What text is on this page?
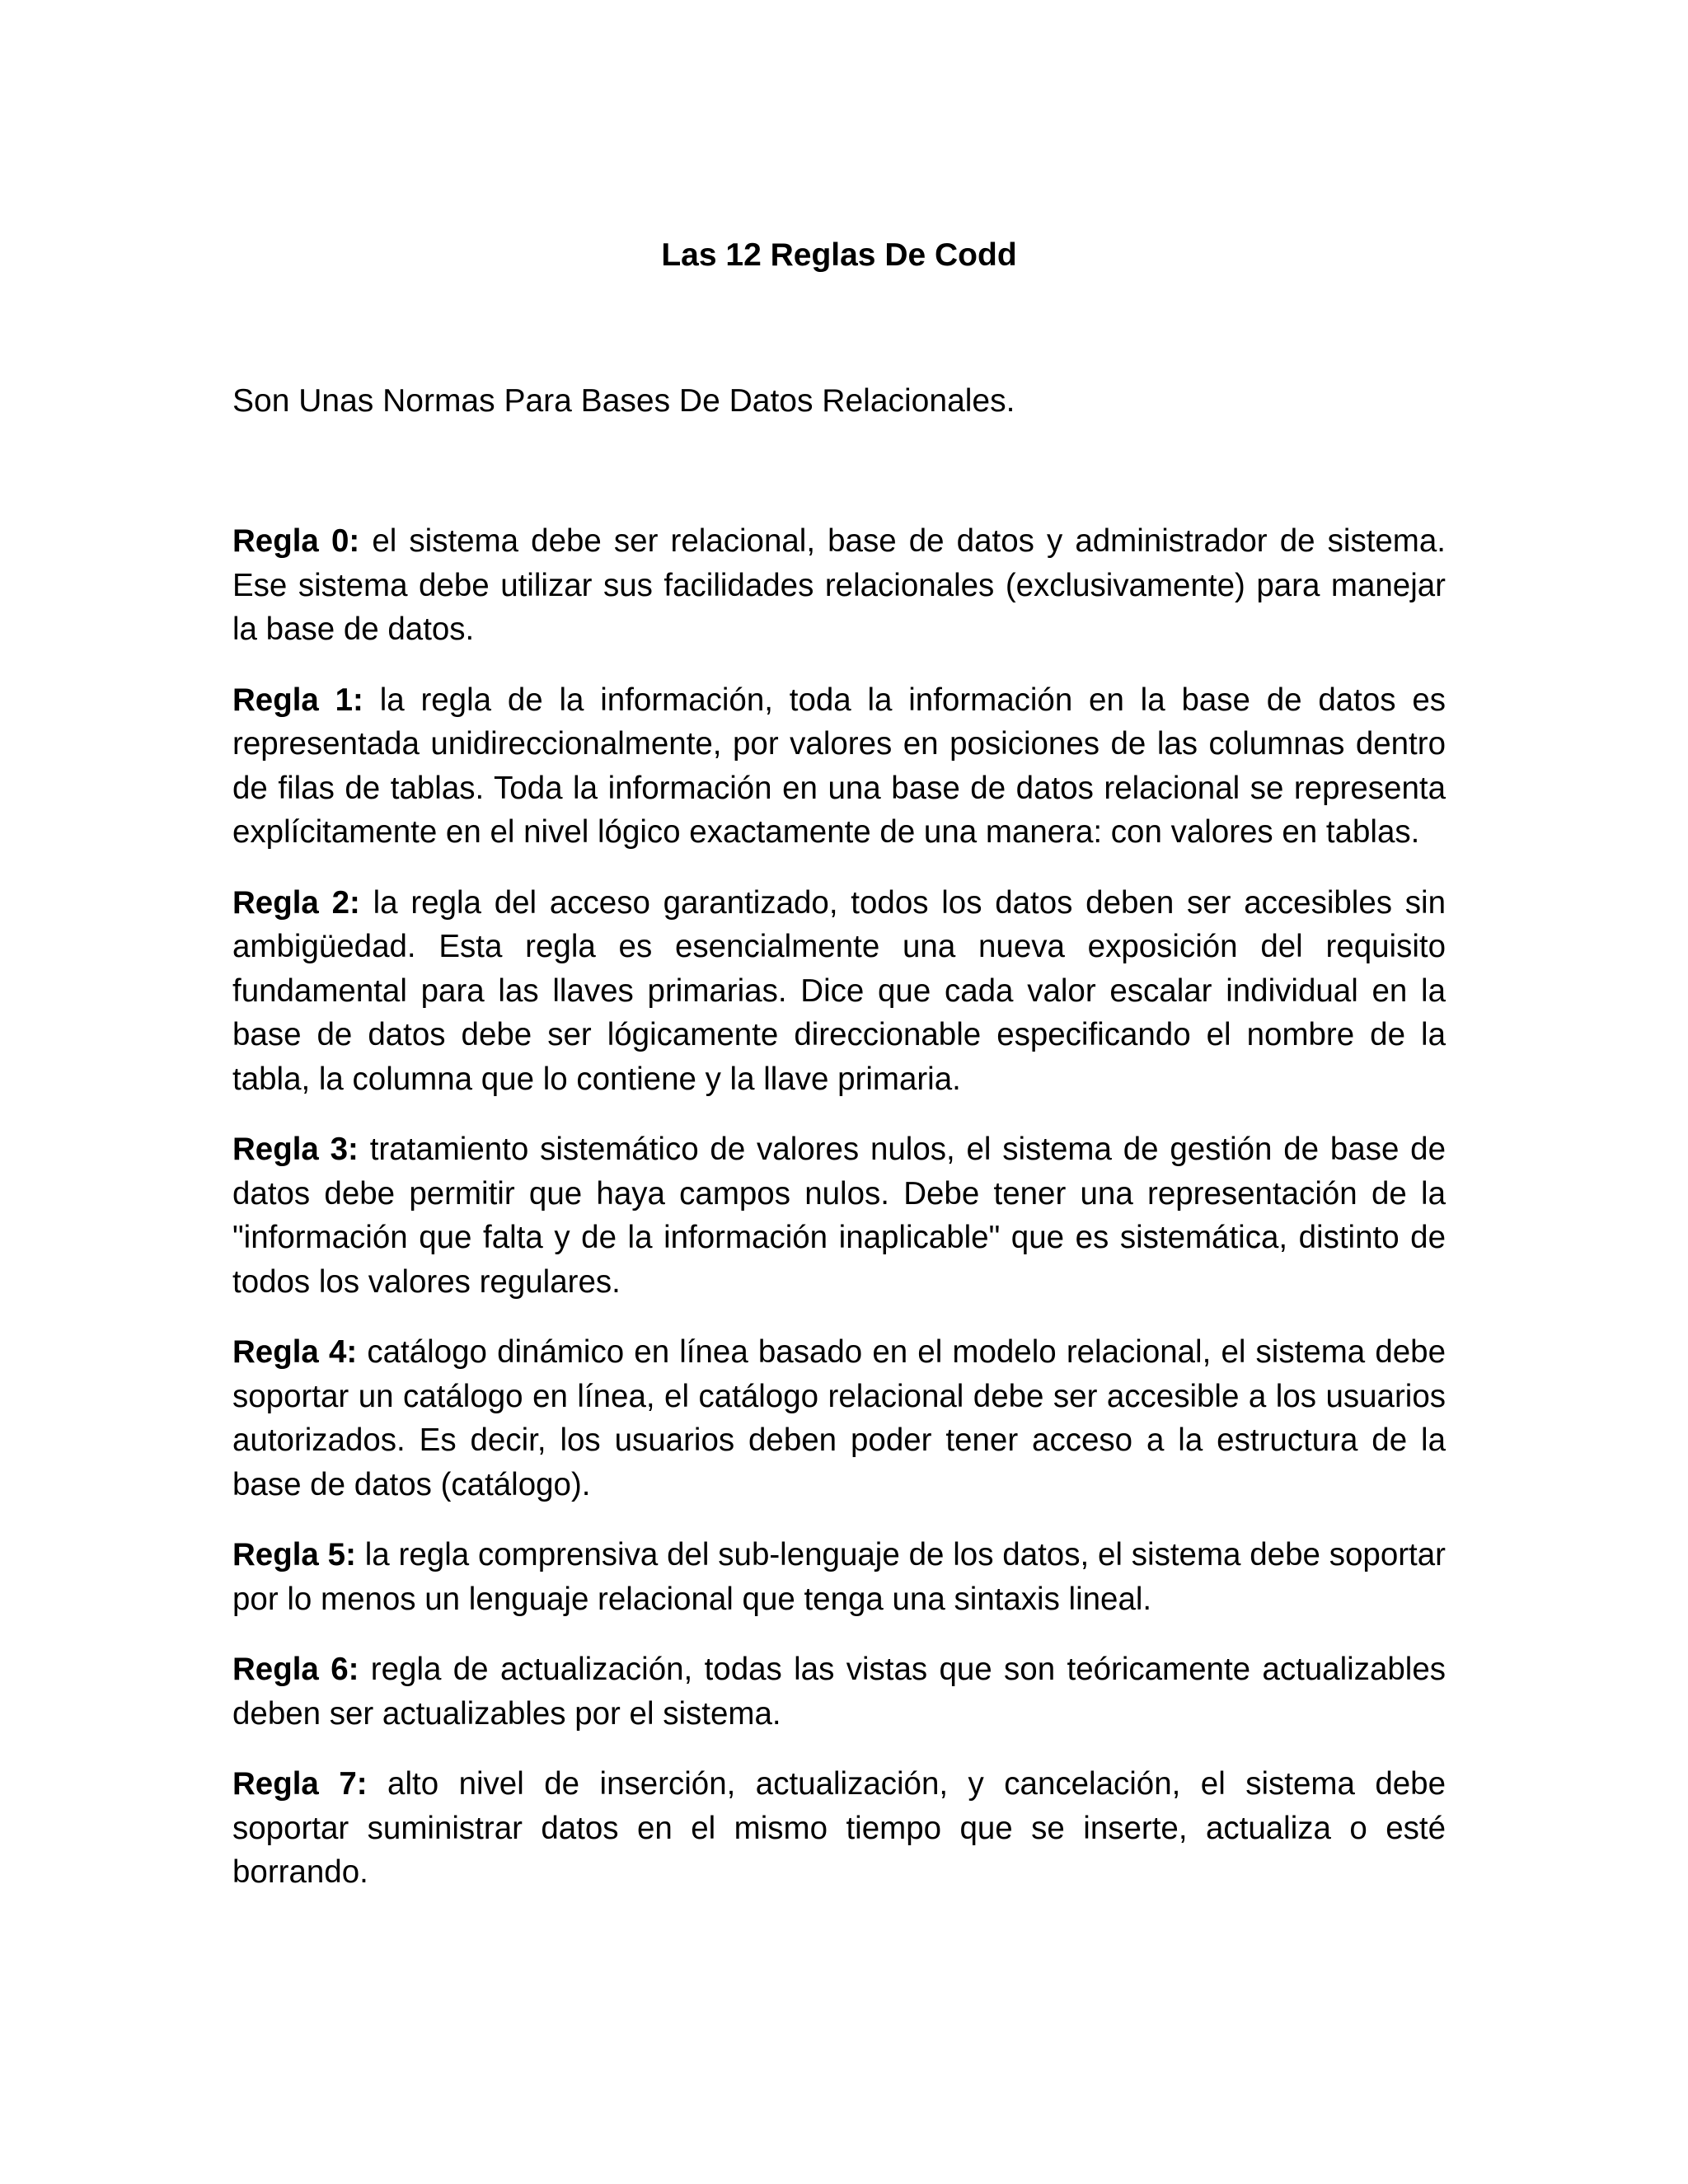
Las 12 Reglas De Codd

Son Unas Normas Para Bases De Datos Relacionales.

Regla 0: el sistema debe ser relacional, base de datos y administrador de sistema. Ese sistema debe utilizar sus facilidades relacionales (exclusivamente) para manejar la base de datos.

Regla 1: la regla de la información, toda la información en la base de datos es representada unidireccionalmente, por valores en posiciones de las columnas dentro de filas de tablas. Toda la información en una base de datos relacional se representa explícitamente en el nivel lógico exactamente de una manera: con valores en tablas.

Regla 2: la regla del acceso garantizado, todos los datos deben ser accesibles sin ambigüedad. Esta regla es esencialmente una nueva exposición del requisito fundamental para las llaves primarias. Dice que cada valor escalar individual en la base de datos debe ser lógicamente direccionable especificando el nombre de la tabla, la columna que lo contiene y la llave primaria.

Regla 3: tratamiento sistemático de valores nulos, el sistema de gestión de base de datos debe permitir que haya campos nulos. Debe tener una representación de la "información que falta y de la información inaplicable" que es sistemática, distinto de todos los valores regulares.

Regla 4: catálogo dinámico en línea basado en el modelo relacional, el sistema debe soportar un catálogo en línea, el catálogo relacional debe ser accesible a los usuarios autorizados. Es decir, los usuarios deben poder tener acceso a la estructura de la base de datos (catálogo).

Regla 5: la regla comprensiva del sub-lenguaje de los datos, el sistema debe soportar por lo menos un lenguaje relacional que tenga una sintaxis lineal.

Regla 6: regla de actualización, todas las vistas que son teóricamente actualizables deben ser actualizables por el sistema.

Regla 7: alto nivel de inserción, actualización, y cancelación, el sistema debe soportar suministrar datos en el mismo tiempo que se inserte, actualiza o esté borrando.
